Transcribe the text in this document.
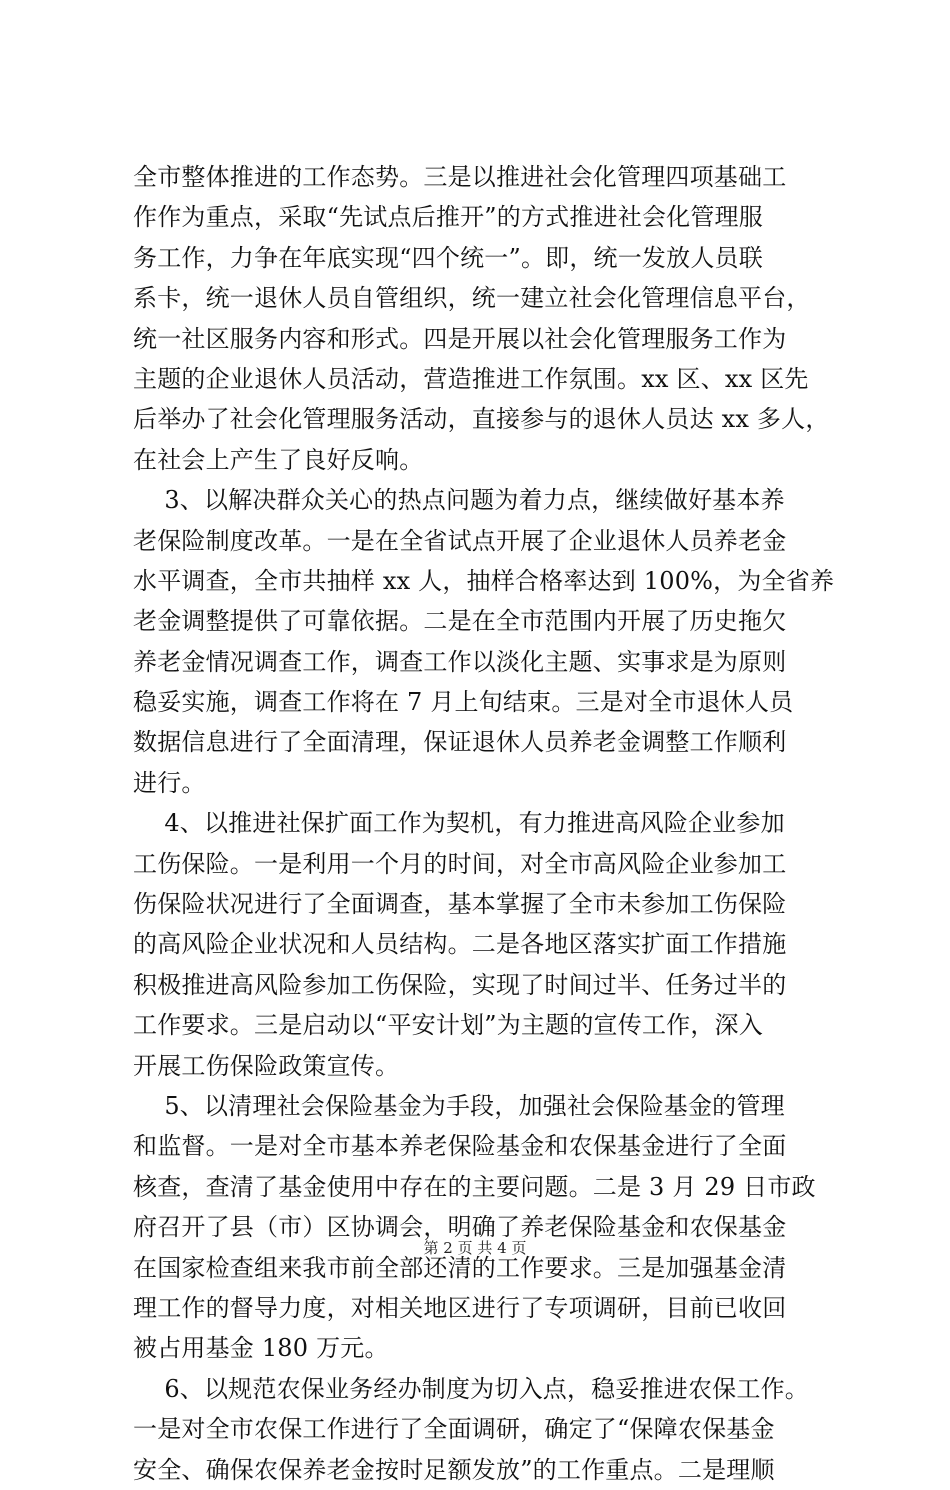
全市整体推进的工作态势。三是以推进社会化管理四项基础工
作作为重点，采取“先试点后推开”的方式推进社会化管理服
务工作，力争在年底实现“四个统一”。即，统一发放人员联
系卡，统一退休人员自管组织，统一建立社会化管理信息平台，
统一社区服务内容和形式。四是开展以社会化管理服务工作为
主题的企业退休人员活动，营造推进工作氛围。xx 区、xx 区先
后举办了社会化管理服务活动，直接参与的退休人员达 xx 多人，
在社会上产生了良好反响。
3、以解决群众关心的热点问题为着力点，继续做好基本养
老保险制度改革。一是在全省试点开展了企业退休人员养老金
水平调查，全市共抽样 xx 人，抽样合格率达到 100%，为全省养
老金调整提供了可靠依据。二是在全市范围内开展了历史拖欠
养老金情况调查工作，调查工作以淡化主题、实事求是为原则
稳妥实施，调查工作将在 7 月上旬结束。三是对全市退休人员
数据信息进行了全面清理，保证退休人员养老金调整工作顺利
进行。
4、以推进社保扩面工作为契机，有力推进高风险企业参加
工伤保险。一是利用一个月的时间，对全市高风险企业参加工
伤保险状况进行了全面调查，基本掌握了全市未参加工伤保险
的高风险企业状况和人员结构。二是各地区落实扩面工作措施
积极推进高风险参加工伤保险，实现了时间过半、任务过半的
工作要求。三是启动以“平安计划”为主题的宣传工作，深入
开展工伤保险政策宣传。
5、以清理社会保险基金为手段，加强社会保险基金的管理
和监督。一是对全市基本养老保险基金和农保基金进行了全面
核查，查清了基金使用中存在的主要问题。二是 3 月 29 日市政
府召开了县（市）区协调会，明确了养老保险基金和农保基金
在国家检查组来我市前全部还清的工作要求。三是加强基金清
理工作的督导力度，对相关地区进行了专项调研，目前已收回
被占用基金 180 万元。
6、以规范农保业务经办制度为切入点，稳妥推进农保工作。
一是对全市农保工作进行了全面调研，确定了“保障农保基金
安全、确保农保养老金按时足额发放”的工作重点。二是理顺
第 2 页 共 4 页
